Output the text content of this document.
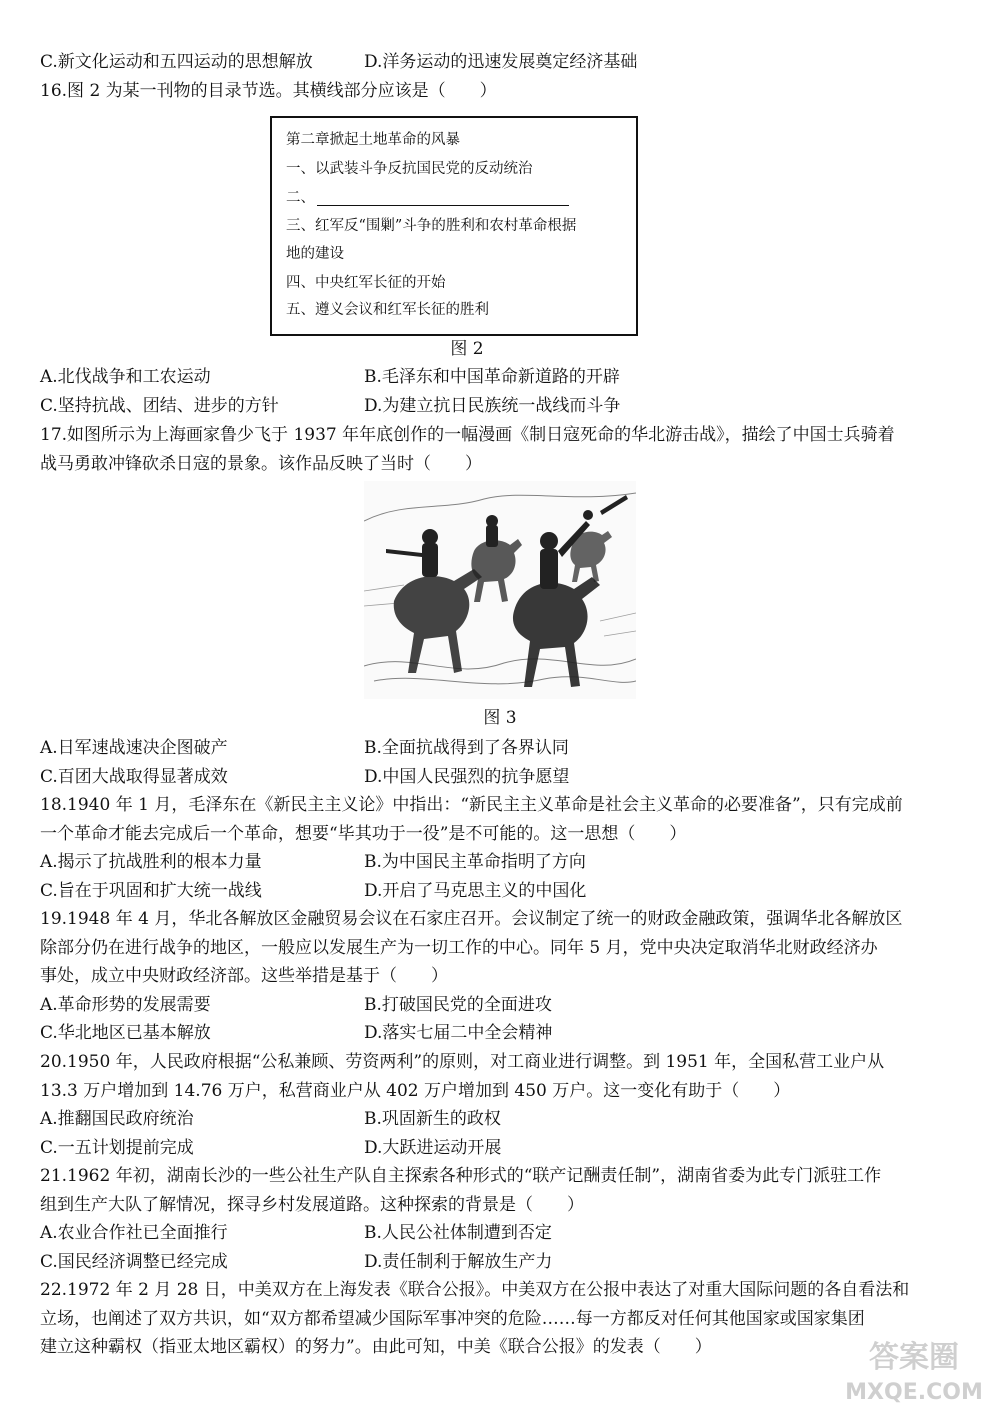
C.新文化运动和五四运动的思想解放	D.洋务运动的迅速发展奠定经济基础
16.图 2 为某一刊物的目录节选。其横线部分应该是（　　）
第二章掀起土地革命的风暴
一、以武装斗争反抗国民党的反动统治
二、
三、红军反“围剿”斗争的胜利和农村革命根据
地的建设
四、中央红军长征的开始
五、遵义会议和红军长征的胜利
图 2
A.北伐战争和工农运动	B.毛泽东和中国革命新道路的开辟
C.坚持抗战、团结、进步的方针	D.为建立抗日民族统一战线而斗争
17.如图所示为上海画家鲁少飞于 1937 年年底创作的一幅漫画《制日寇死命的华北游击战》，描绘了中国士兵骑着
战马勇敢冲锋砍杀日寇的景象。该作品反映了当时（　　）
图 3
A.日军速战速决企图破产	B.全面抗战得到了各界认同
C.百团大战取得显著成效	D.中国人民强烈的抗争愿望
18.1940 年 1 月，毛泽东在《新民主主义论》中指出：“新民主主义革命是社会主义革命的必要准备”，只有完成前
一个革命才能去完成后一个革命，想要“毕其功于一役”是不可能的。这一思想（　　）
A.揭示了抗战胜利的根本力量	B.为中国民主革命指明了方向
C.旨在于巩固和扩大统一战线	D.开启了马克思主义的中国化
19.1948 年 4 月，华北各解放区金融贸易会议在石家庄召开。会议制定了统一的财政金融政策，强调华北各解放区
除部分仍在进行战争的地区，一般应以发展生产为一切工作的中心。同年 5 月，党中央决定取消华北财政经济办
事处，成立中央财政经济部。这些举措是基于（　　）
A.革命形势的发展需要	B.打破国民党的全面进攻
C.华北地区已基本解放	D.落实七届二中全会精神
20.1950 年，人民政府根据“公私兼顾、劳资两利”的原则，对工商业进行调整。到 1951 年，全国私营工业户从
13.3 万户增加到 14.76 万户，私营商业户从 402 万户增加到 450 万户。这一变化有助于（　　）
A.推翻国民政府统治	B.巩固新生的政权
C.一五计划提前完成	D.大跃进运动开展
21.1962 年初，湖南长沙的一些公社生产队自主探索各种形式的“联产记酬责任制”，湖南省委为此专门派驻工作
组到生产大队了解情况，探寻乡村发展道路。这种探索的背景是（　　）
A.农业合作社已全面推行	B.人民公社体制遭到否定
C.国民经济调整已经完成	D.责任制利于解放生产力
22.1972 年 2 月 28 日，中美双方在上海发表《联合公报》。中美双方在公报中表达了对重大国际问题的各自看法和
立场，也阐述了双方共识，如“双方都希望减少国际军事冲突的危险……每一方都反对任何其他国家或国家集团
建立这种霸权（指亚太地区霸权）的努力”。由此可知，中美《联合公报》的发表（　　）	答案圈
MXQE.COM
